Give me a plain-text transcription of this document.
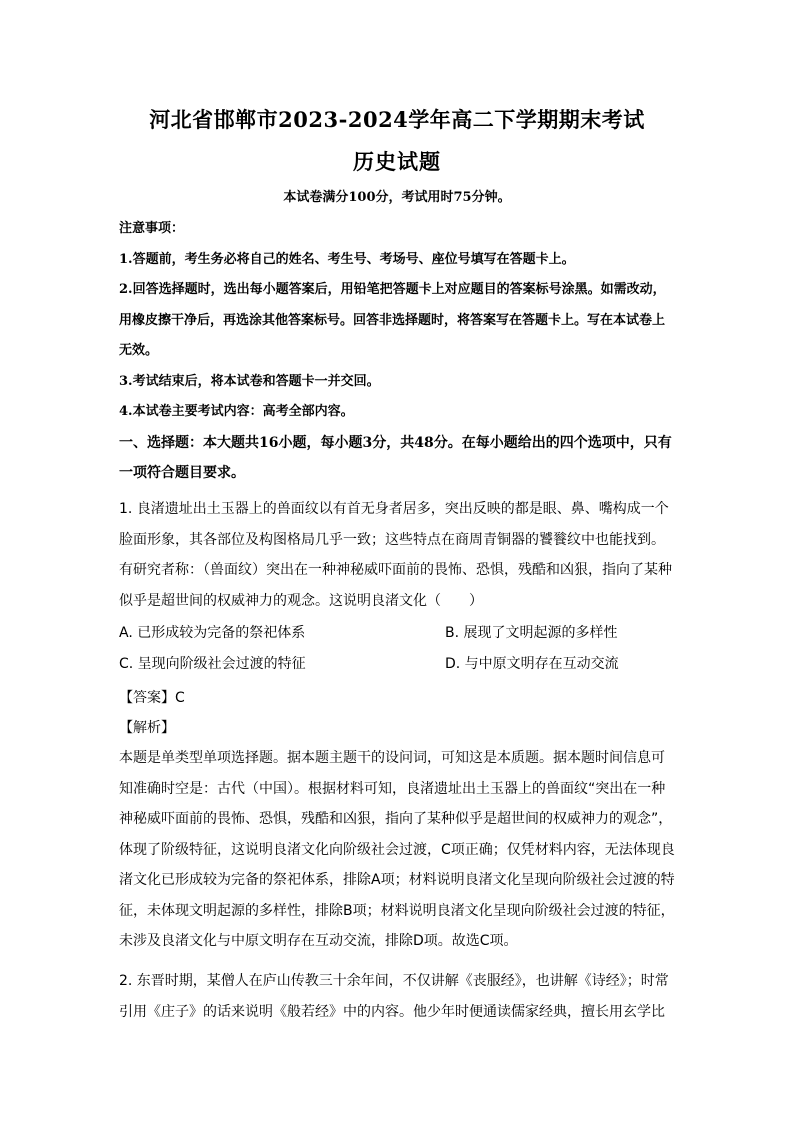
河北省邯郸市2023-2024学年高二下学期期末考试
历史试题
本试卷满分100分，考试用时75分钟。
注意事项：
1.答题前，考生务必将自己的姓名、考生号、考场号、座位号填写在答题卡上。
2.回答选择题时，选出每小题答案后，用铅笔把答题卡上对应题目的答案标号涂黑。如需改动，用橡皮擦干净后，再选涂其他答案标号。回答非选择题时，将答案写在答题卡上。写在本试卷上无效。
3.考试结束后，将本试卷和答题卡一并交回。
4.本试卷主要考试内容：高考全部内容。
一、选择题：本大题共16小题，每小题3分，共48分。在每小题给出的四个选项中，只有一项符合题目要求。
1. 良渚遗址出土玉器上的兽面纹以有首无身者居多，突出反映的都是眼、鼻、嘴构成一个脸面形象，其各部位及构图格局几乎一致；这些特点在商周青铜器的饕餮纹中也能找到。有研究者称：（兽面纹）突出在一种神秘威吓面前的畏怖、恐惧，残酷和凶狠，指向了某种似乎是超世间的权威神力的观念。这说明良渚文化（　　）
A. 已形成较为完备的祭祀体系	B. 展现了文明起源的多样性
C. 呈现向阶级社会过渡的特征	D. 与中原文明存在互动交流
【答案】C
【解析】
本题是单类型单项选择题。据本题主题干的设问词，可知这是本质题。据本题时间信息可知准确时空是：古代（中国）。根据材料可知，良渚遗址出土玉器上的兽面纹“突出在一种神秘威吓面前的畏怖、恐惧，残酷和凶狠，指向了某种似乎是超世间的权威神力的观念”，体现了阶级特征，这说明良渚文化向阶级社会过渡，C项正确；仅凭材料内容，无法体现良渚文化已形成较为完备的祭祀体系，排除A项；材料说明良渚文化呈现向阶级社会过渡的特征，未体现文明起源的多样性，排除B项；材料说明良渚文化呈现向阶级社会过渡的特征，未涉及良渚文化与中原文明存在互动交流，排除D项。故选C项。
2. 东晋时期，某僧人在庐山传教三十余年间，不仅讲解《丧服经》，也讲解《诗经》；时常引用《庄子》的话来说明《般若经》中的内容。他少年时便通读儒家经典，擅长用玄学比
